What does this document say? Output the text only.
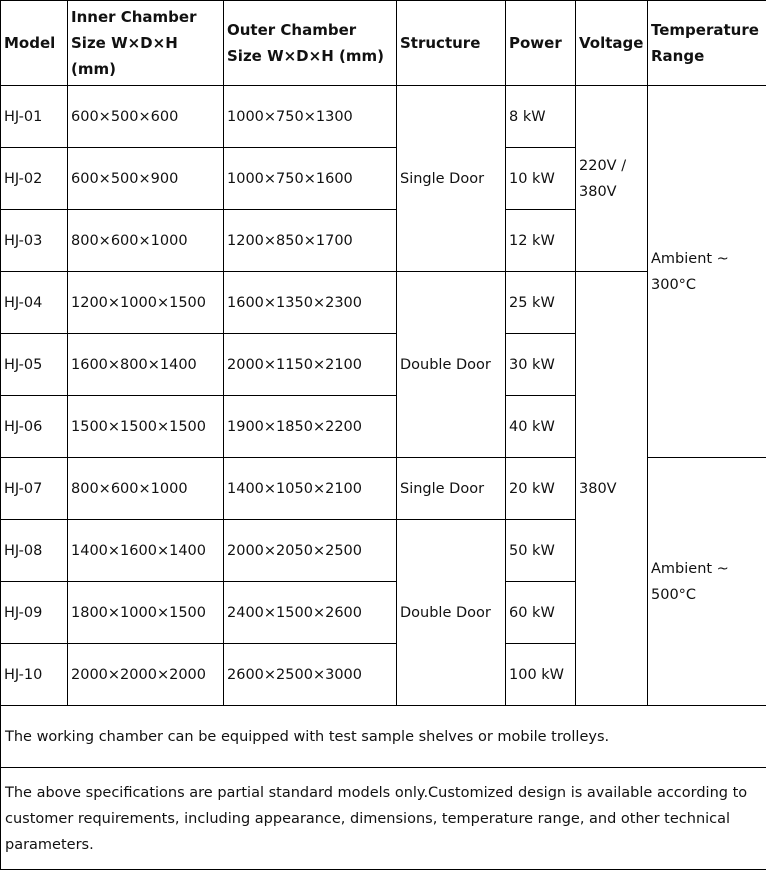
Model	Inner Chamber Size W×D×H (mm)	Outer Chamber Size W×D×H (mm)	Structure	Power	Voltage	Temperature Range
HJ-01	600×500×600	1000×750×1300	Single Door	8 kW	220V / 380V	Ambient ~ 300°C
HJ-02	600×500×900	1000×750×1600		10 kW		
HJ-03	800×600×1000	1200×850×1700		12 kW		
HJ-04	1200×1000×1500	1600×1350×2300	Double Door	25 kW	380V	
HJ-05	1600×800×1400	2000×1150×2100		30 kW		
HJ-06	1500×1500×1500	1900×1850×2200		40 kW		
HJ-07	800×600×1000	1400×1050×2100	Single Door	20 kW		Ambient ~ 500°C
HJ-08	1400×1600×1400	2000×2050×2500	Double Door	50 kW		
HJ-09	1800×1000×1500	2400×1500×2600		60 kW		
HJ-10	2000×2000×2000	2600×2500×3000		100 kW		
The working chamber can be equipped with test sample shelves or mobile trolleys.						
The above specifications are partial standard models only.Customized design is available according to customer requirements, including appearance, dimensions, temperature range, and other technical parameters.						
